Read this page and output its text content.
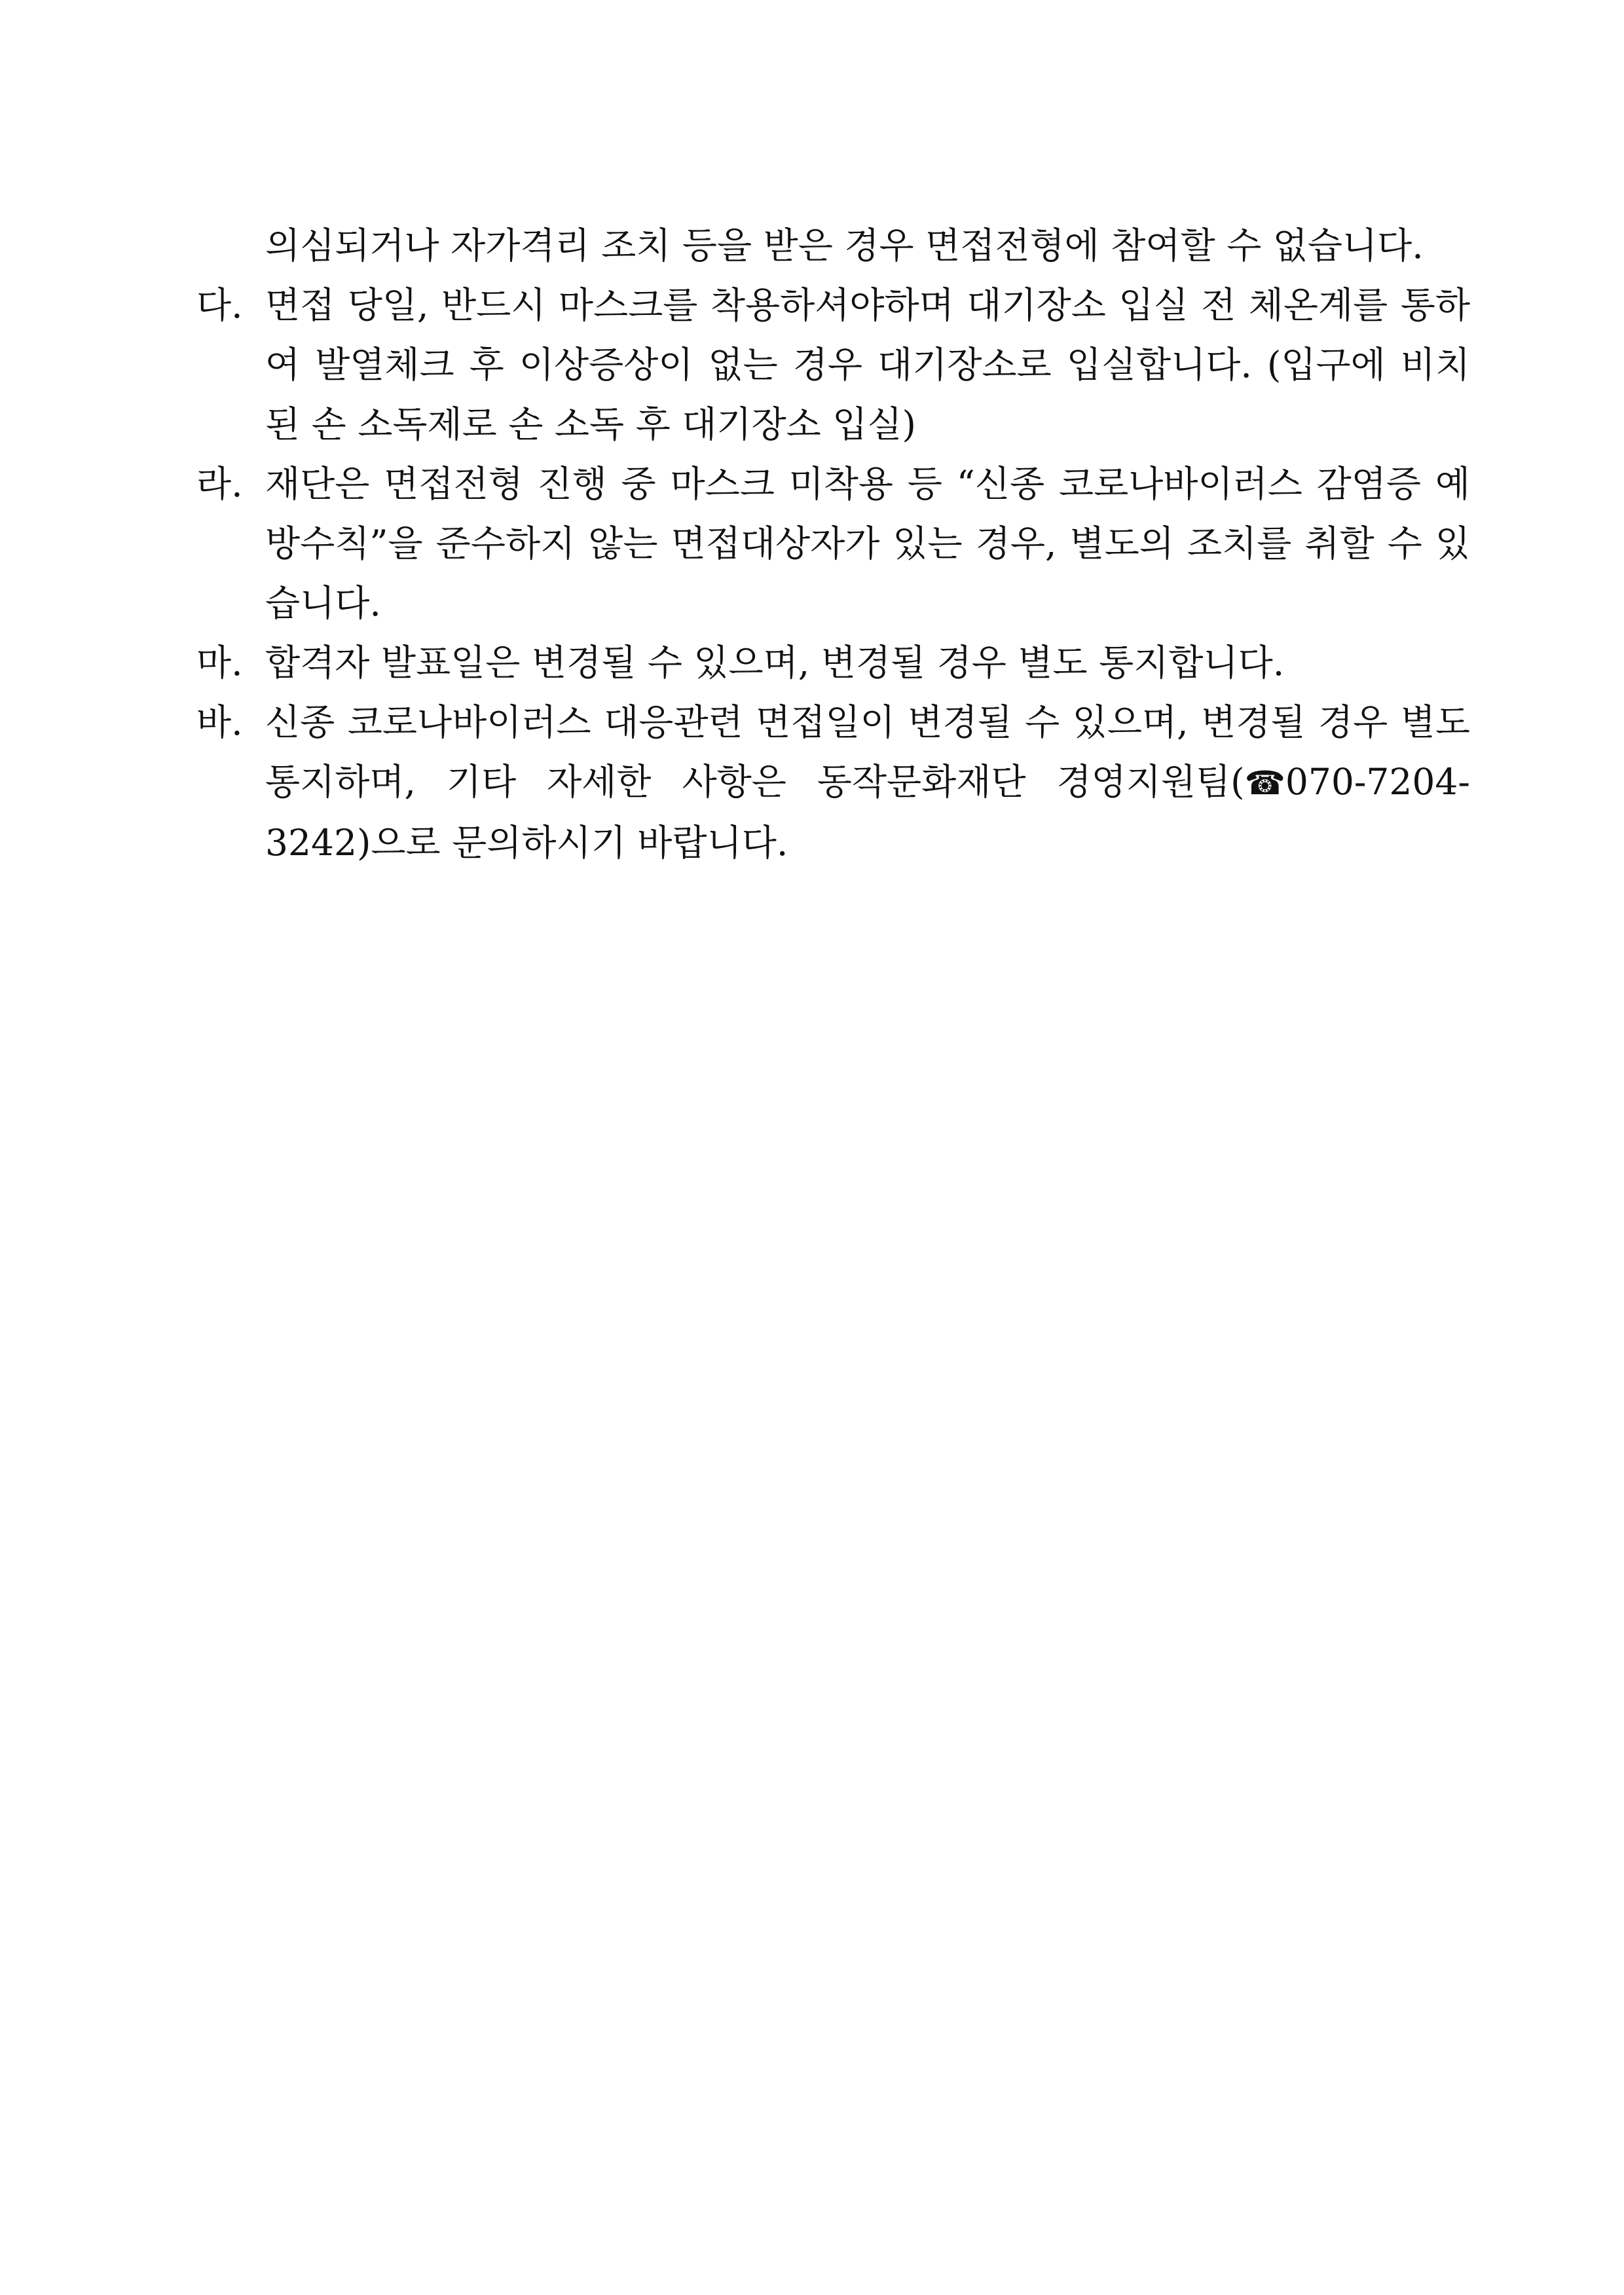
의심되거나 자가격리 조치 등을 받은 경우 면접전형에 참여할 수 없습니다.
다. 면접 당일, 반드시 마스크를 착용하셔야하며 대기장소 입실 전 체온계를 통하여 발열체크 후 이상증상이 없는 경우 대기장소로 입실합니다. (입구에 비치된 손 소독제로 손 소독 후 대기장소 입실)
라. 재단은 면접전형 진행 중 마스크 미착용 등 “신종 코로나바이러스 감염증 예방수칙”을 준수하지 않는 면접대상자가 있는 경우, 별도의 조치를 취할 수 있습니다.
마. 합격자 발표일은 변경될 수 있으며, 변경될 경우 별도 통지합니다.
바. 신종 코로나바이러스 대응관련 면접일이 변경될 수 있으며, 변경될 경우 별도 통지하며, 기타 자세한 사항은 동작문화재단 경영지원팀(☎070-7204-3242)으로 문의하시기 바랍니다.
